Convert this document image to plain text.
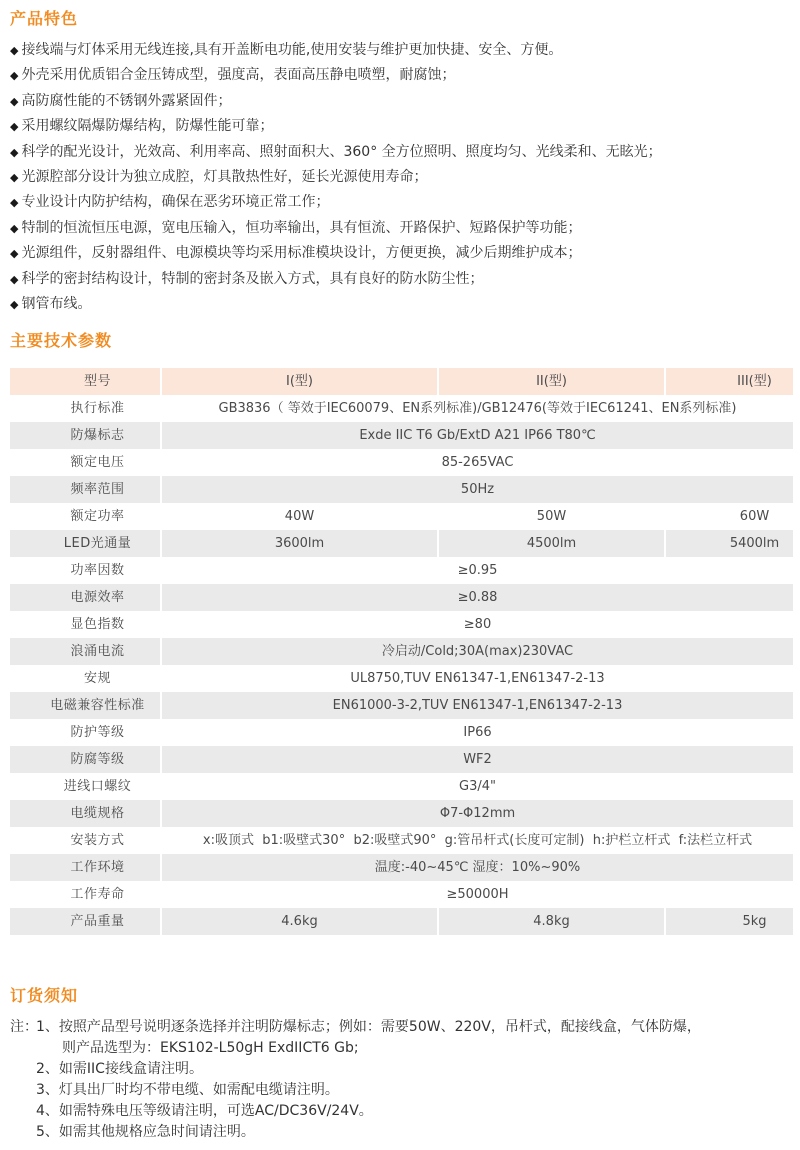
产品特色
◆ 接线端与灯体采用无线连接,具有开盖断电功能,使用安装与维护更加快捷、安全、方便。
◆ 外壳采用优质铝合金压铸成型，强度高，表面高压静电喷塑，耐腐蚀；
◆ 高防腐性能的不锈钢外露紧固件；
◆ 采用螺纹隔爆防爆结构，防爆性能可靠；
◆ 科学的配光设计，光效高、利用率高、照射面积大、360° 全方位照明、照度均匀、光线柔和、无眩光；
◆ 光源腔部分设计为独立成腔，灯具散热性好，延长光源使用寿命；
◆ 专业设计内防护结构，确保在恶劣环境正常工作；
◆ 特制的恒流恒压电源，宽电压输入，恒功率输出，具有恒流、开路保护、短路保护等功能；
◆ 光源组件，反射器组件、电源模块等均采用标准模块设计，方便更换，减少后期维护成本；
◆ 科学的密封结构设计，特制的密封条及嵌入方式，具有良好的防水防尘性；
◆ 钢管布线。
主要技术参数
型号	I(型)	II(型)	III(型)
执行标准	GB3836（ 等效于IEC60079、EN系列标准)/GB12476(等效于IEC61241、EN系列标准)
防爆标志	Exde IIC T6 Gb/ExtD A21 IP66 T80℃
额定电压	85-265VAC
频率范围	50Hz
额定功率	40W	50W	60W
LED光通量	3600lm	4500lm	5400lm
功率因数	≥0.95
电源效率	≥0.88
显色指数	≥80
浪涌电流	冷启动/Cold;30A(max)230VAC
安规	UL8750,TUV EN61347-1,EN61347-2-13
电磁兼容性标准	EN61000-3-2,TUV EN61347-1,EN61347-2-13
防护等级	IP66
防腐等级	WF2
进线口螺纹	G3/4"
电缆规格	Φ7-Φ12mm
安装方式	x:吸顶式  b1:吸壁式30°  b2:吸壁式90°  g:管吊杆式(长度可定制)  h:护栏立杆式  f:法栏立杆式
工作环境	温度:-40~45℃ 湿度：10%~90%
工作寿命	≥50000H
产品重量	4.6kg	4.8kg	5kg
订货须知
注：
1、按照产品型号说明逐条选择并注明防爆标志；例如：需要50W、220V，吊杆式，配接线盒，气体防爆，
则产品选型为：EKS102-L50gH ExdIICT6 Gb;
2、如需IIC接线盒请注明。
3、灯具出厂时均不带电缆、如需配电缆请注明。
4、如需特殊电压等级请注明，可选AC/DC36V/24V。
5、如需其他规格应急时间请注明。
